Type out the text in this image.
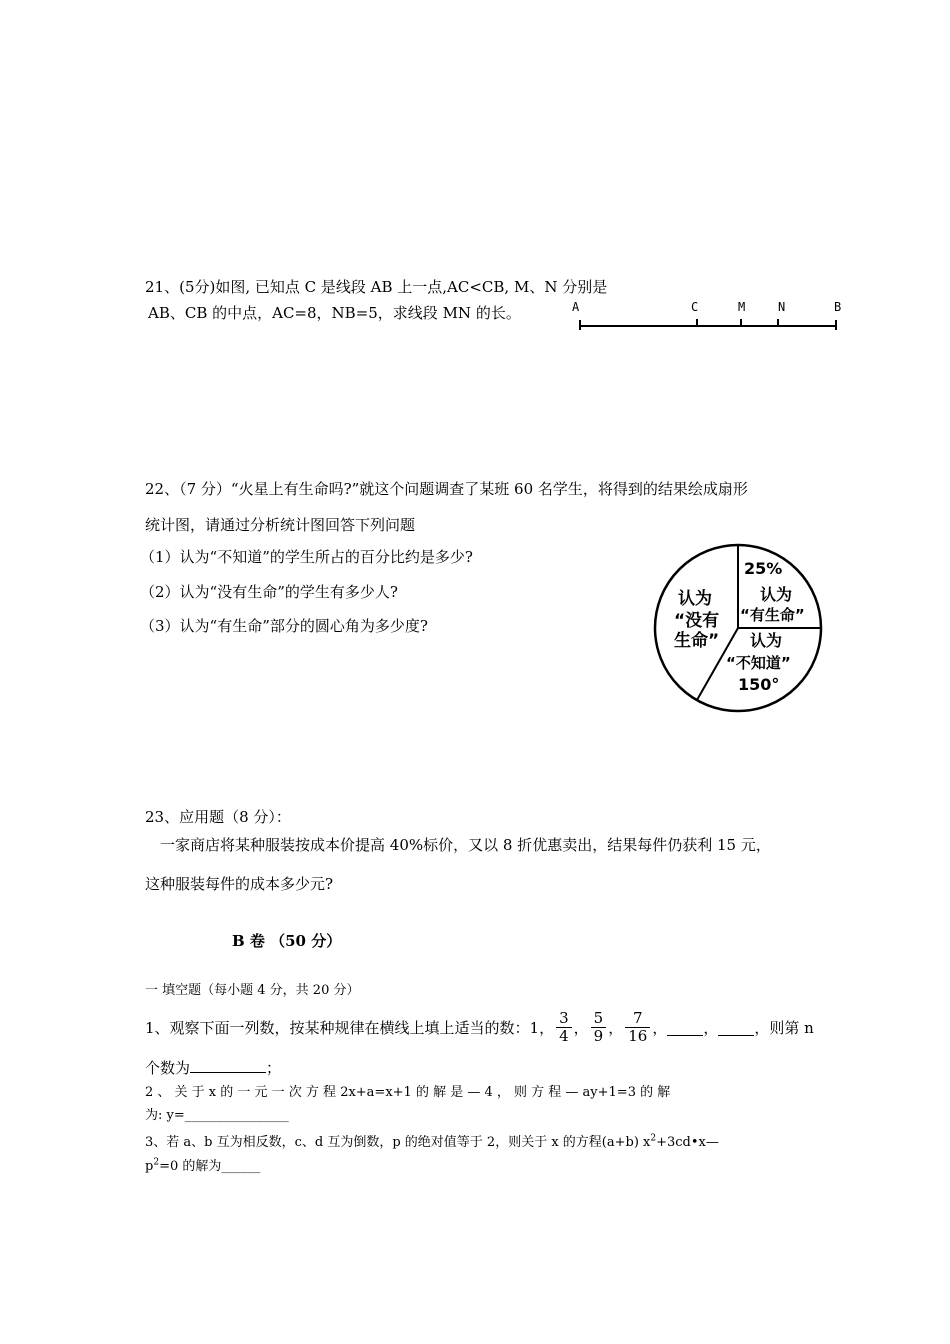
21、(5分)如图, 已知点 C 是线段 AB 上一点,AC<CB, M、N 分别是
AB、CB 的中点，AC=8，NB=5，求线段 MN 的长。	A	C	M	N	B
22、（7 分）“火星上有生命吗?”就这个问题调查了某班 60 名学生，将得到的结果绘成扇形
统计图，请通过分析统计图回答下列问题
（1）认为“不知道”的学生所占的百分比约是多少?
（2）认为“没有生命”的学生有多少人?
（3）认为“有生命”部分的圆心角为多少度?
认为
“没有
生命”
25%
认为
“有生命”
认为
“不知道”
150°
23、应用题（8 分）：
一家商店将某种服装按成本价提高 40%标价，又以 8 折优惠卖出，结果每件仍获利 15 元，
这种服装每件的成本多少元?
B 卷 （50 分）
一 填空题（每小题 4 分，共 20 分）
1、观察下面一列数，按某种规律在横线上填上适当的数：1， $\frac{3}{4}$ ， $\frac{5}{9}$ ， $\frac{7}{16}$ ， ， ，则第 n
个数为	；
2 、 关 于 x 的 一 元 一 次 方 程 2x+a=x+1 的 解 是 — 4 ， 则 方 程 — ay+1=3 的 解
为: y=________________
3、若 a、b 互为相反数，c、d 互为倒数，p 的绝对值等于 2，则关于 x 的方程(a+b) $x^2+3cd•x—$
$p^2=0$ 的解为______
